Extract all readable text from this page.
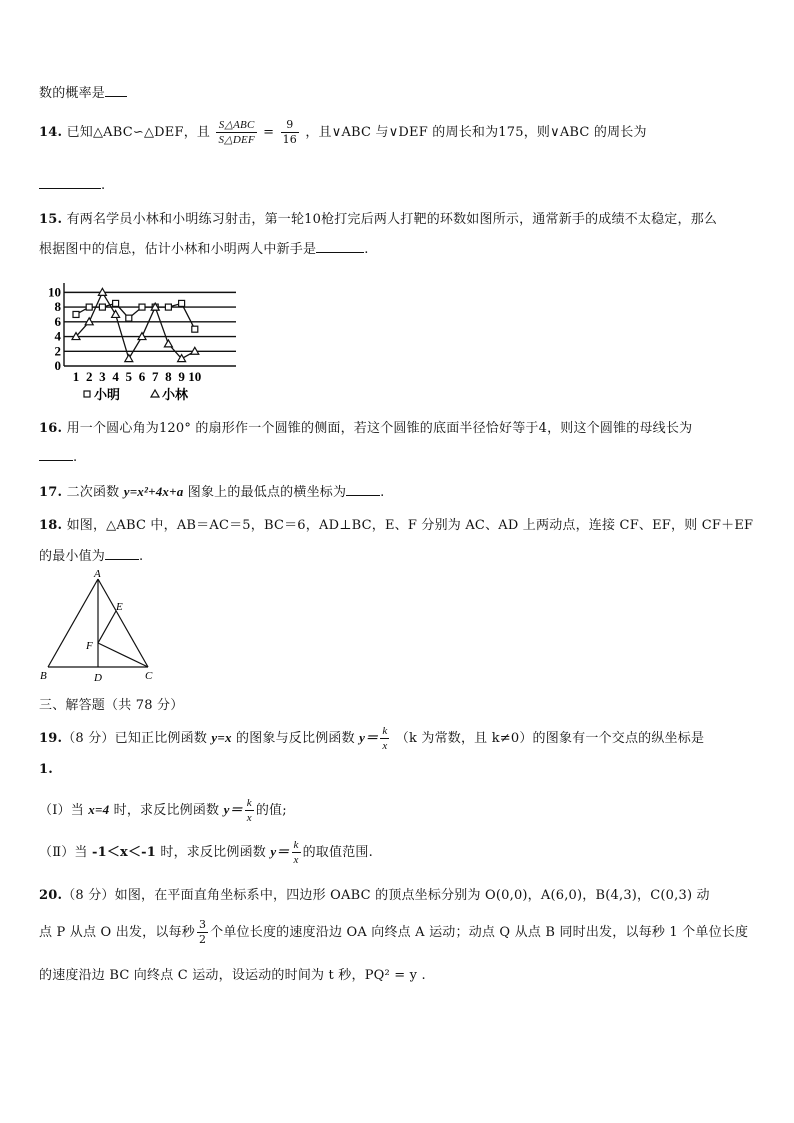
数的概率是
14. 已知△ABC∽△DEF，且 $\frac{\text{S△ABC}}{\text{S△DEF}} = \frac{9}{16}$ ，且∨ABC 与∨DEF 的周长和为175，则∨ABC 的周长为
.
15. 有两名学员小林和小明练习射击，第一轮10枪打完后两人打靶的环数如图所示，通常新手的成绩不太稳定，那么
根据图中的信息，估计小林和小明两人中新手是	.
0
2
4
6
8
10
1 2 3 4 5 6 7 8 9 10
小明	小林
16. 用一个圆心角为120° 的扇形作一个圆锥的侧面，若这个圆锥的底面半径恰好等于4，则这个圆锥的母线长为
.
17. 二次函数 y=x²+4x+a 图象上的最低点的横坐标为	.
18. 如图，△ABC 中，AB＝AC＝5，BC＝6，AD⊥BC，E、F 分别为 AC、AD 上两动点，连接 CF、EF，则 CF＋EF
的最小值为	.
A
B	C
D
E
F
三、解答题（共 78 分）
19.（8 分）已知正比例函数 y=x 的图象与反比例函数 $y= \frac{k}{x} (k$ 为常数，且 k≠0）的图象有一个交点的纵坐标是
1.
（Ⅰ）当 x=4 时，求反比例函数 $y= \frac{k}{x}$ 的值;
（Ⅱ）当 -1＜x＜-1 时，求反比例函数 $y= \frac{k}{x}$ 的取值范围.
20.（8 分）如图，在平面直角坐标系中，四边形 OABC 的顶点坐标分别为 O(0,0)，A(6,0)，B(4,3)，C(0,3) 动
点 P 从点 O 出发，以每秒 $\frac{3}{2}$ 个单位长度的速度沿边 OA 向终点 A 运动；动点 Q 从点 B 同时出发，以每秒 1 个单位长度
的速度沿边 BC 向终点 C 运动，设运动的时间为 t 秒，PQ² = y .
